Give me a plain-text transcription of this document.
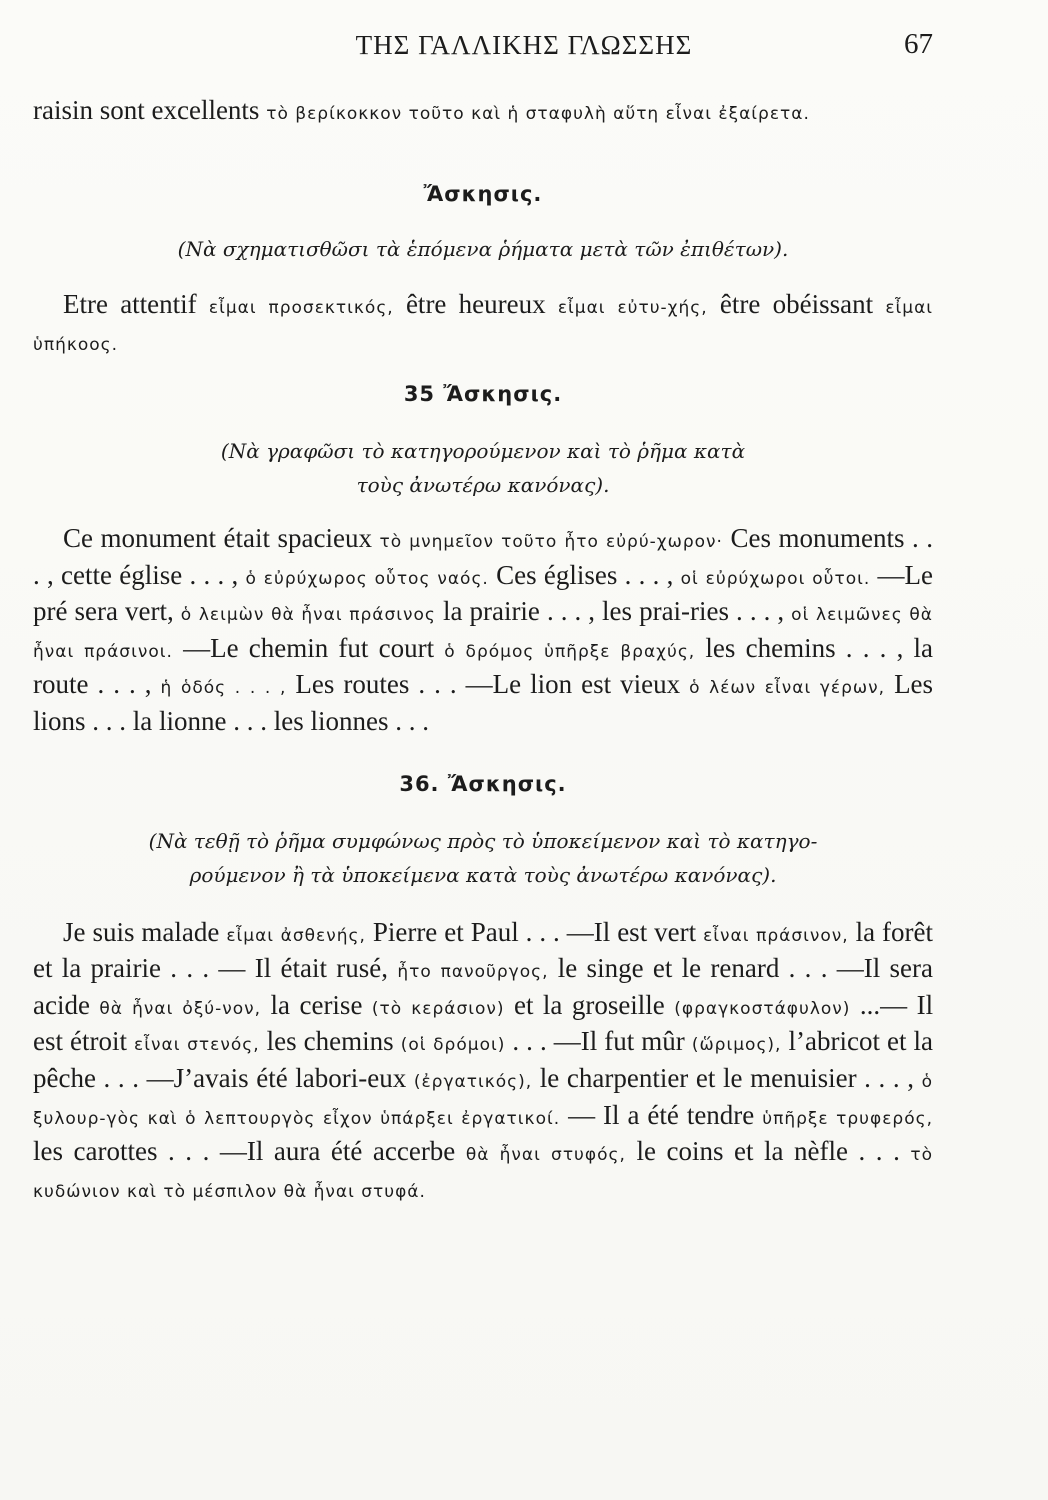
ΤΗΣ ΓΑΛΛΙΚΗΣ ΓΛΩΣΣΗΣ	67

raisin sont excellents τὸ βερίκοκκον τοῦτο καὶ ἡ σταφυλὴ αὕτη εἶναι ἐξαίρετα.

Ἄσκησις.

(Νὰ σχηματισθῶσι τὰ ἑπόμενα ῥήματα μετὰ τῶν ἐπιθέτων).

Etre attentif εἶμαι προσεκτικός, être heureux εἶμαι εὐτυ-χής, être obéissant εἶμαι ὑπήκοος.

35 Ἄσκησις.

(Νὰ γραφῶσι τὸ κατηγορούμενον καὶ τὸ ῥῆμα κατὰ

τοὺς ἀνωτέρω κανόνας).

Ce monument était spacieux τὸ μνημεῖον τοῦτο ἦτο εὐρύ-χωρον· Ces monuments . . . , cette église . . . , ὁ εὐρύχωρος οὗτος ναός. Ces églises . . . , οἱ εὐρύχωροι οὗτοι. —Le pré sera vert, ὁ λειμὼν θὰ ἦναι πράσινος la prairie . . . , les prai-ries . . . , οἱ λειμῶνες θὰ ἦναι πράσινοι. —Le chemin fut court ὁ δρόμος ὑπῆρξε βραχύς, les chemins . . . , la route . . . , ἡ ὁδός . . . , Les routes . . . —Le lion est vieux ὁ λέων εἶναι γέρων, Les lions . . . la lionne . . . les lionnes . . .

36. Ἄσκησις.

(Νὰ τεθῇ τὸ ῥῆμα συμφώνως πρὸς τὸ ὑποκείμενον καὶ τὸ κατηγο-

ρούμενον ἢ τὰ ὑποκείμενα κατὰ τοὺς ἀνωτέρω κανόνας).

Je suis malade εἶμαι ἀσθενής, Pierre et Paul . . . —Il est vert εἶναι πράσινον, la forêt et la prairie . . . — Il était rusé, ἦτο πανοῦργος, le singe et le renard . . . —Il sera acide θὰ ἦναι ὀξύ-νον, la cerise (τὸ κεράσιον) et la groseille (φραγκοστάφυλον) ...— Il est étroit εἶναι στενός, les chemins (οἱ δρόμοι) . . . —Il fut mûr (ὥριμος), l’abricot et la pêche . . . —J’avais été labori-eux (ἐργατικός), le charpentier et le menuisier . . . , ὁ ξυλουρ-γὸς καὶ ὁ λεπτουργὸς εἶχον ὑπάρξει ἐργατικοί. — Il a été tendre ὑπῆρξε τρυφερός, les carottes . . . —Il aura été accerbe θὰ ἦναι στυφός, le coins et la nèfle . . . τὸ κυδώνιον καὶ τὸ μέσπιλον θὰ ἦναι στυφά.
